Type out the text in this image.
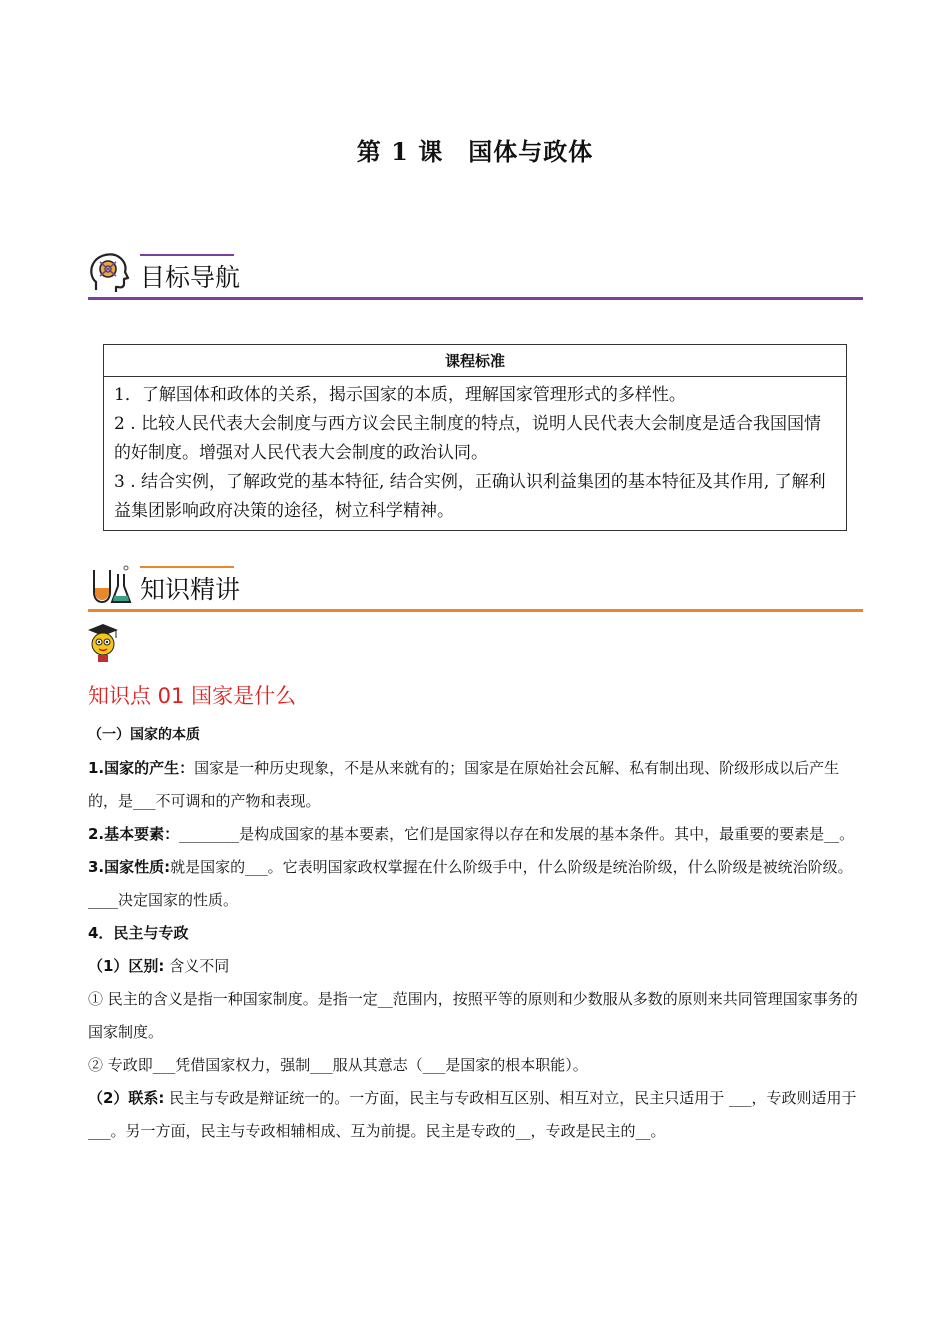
第 1 课　国体与政体
目标导航
课程标准

1．了解国体和政体的关系，揭示国家的本质，理解国家管理形式的多样性。
2 . 比较人民代表大会制度与西方议会民主制度的特点，说明人民代表大会制度是适合我国国情的好制度。增强对人民代表大会制度的政治认同。
3 . 结合实例，了解政党的基本特征, 结合实例，正确认识利益集团的基本特征及其作用, 了解利益集团影响政府决策的途径，树立科学精神。
知识精讲
知识点 01 国家是什么

（一）国家的本质

1.国家的产生：国家是一种历史现象，不是从来就有的；国家是在原始社会瓦解、私有制出现、阶级形成以后产生的，是___不可调和的产物和表现。

2.基本要素：________是构成国家的基本要素，它们是国家得以存在和发展的基本条件。其中，最重要的要素是__。

3.国家性质:就是国家的___。它表明国家政权掌握在什么阶级手中，什么阶级是统治阶级，什么阶级是被统治阶级。____决定国家的性质。

4．民主与专政

（1）区别: 含义不同

① 民主的含义是指一种国家制度。是指一定__范围内，按照平等的原则和少数服从多数的原则来共同管理国家事务的国家制度。

② 专政即___凭借国家权力，强制___服从其意志（___是国家的根本职能）。

（2）联系: 民主与专政是辩证统一的。一方面，民主与专政相互区别、相互对立，民主只适用于 ___，专政则适用于___。另一方面，民主与专政相辅相成、互为前提。民主是专政的__，专政是民主的__。
